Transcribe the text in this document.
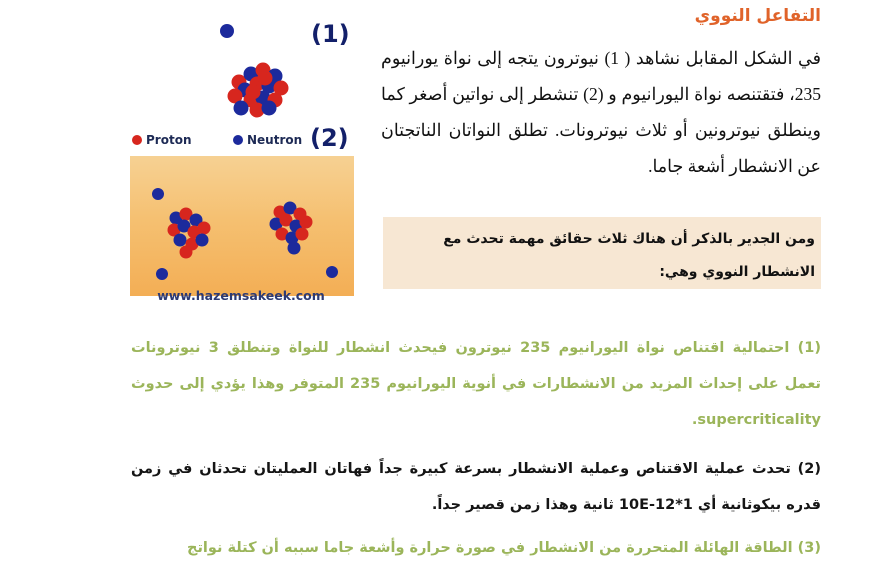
التفاعل النووي
في الشكل المقابل نشاهد ( 1) نيوترون يتجه إلى نواة يورانيوم 235، فتقتنصه نواة اليورانيوم و (2) تنشطر إلى نواتين أصغر كما وينطلق نيوترونين أو ثلاث نيوترونات. تطلق النواتان الناتجتان عن الانشطار أشعة جاما.
ومن الجدير بالذكر أن هناك ثلاث حقائق مهمة تحدث مع الانشطار النووي وهي:
(1) احتمالية اقتناص نواة اليورانيوم 235 نيوترون فيحدث انشطار للنواة وتنطلق 3 نيوترونات تعمل على إحداث المزيد من الانشطارات في أنوية اليورانيوم 235 المتوفر وهذا يؤدي إلى حدوث supercriticality.
(2) تحدث عملية الاقتناص وعملية الانشطار بسرعة كبيرة جداً فهاتان العمليتان تحدثان في زمن قدره بيكوثانية أي 10E-12*1 ثانية وهذا زمن قصير جداً.
(3) الطاقة الهائلة المتحررة من الانشطار في صورة حرارة وأشعة جاما سببه أن كتلة نواتج
(1)
Proton	Neutron (2)
www.hazemsakeek.com
